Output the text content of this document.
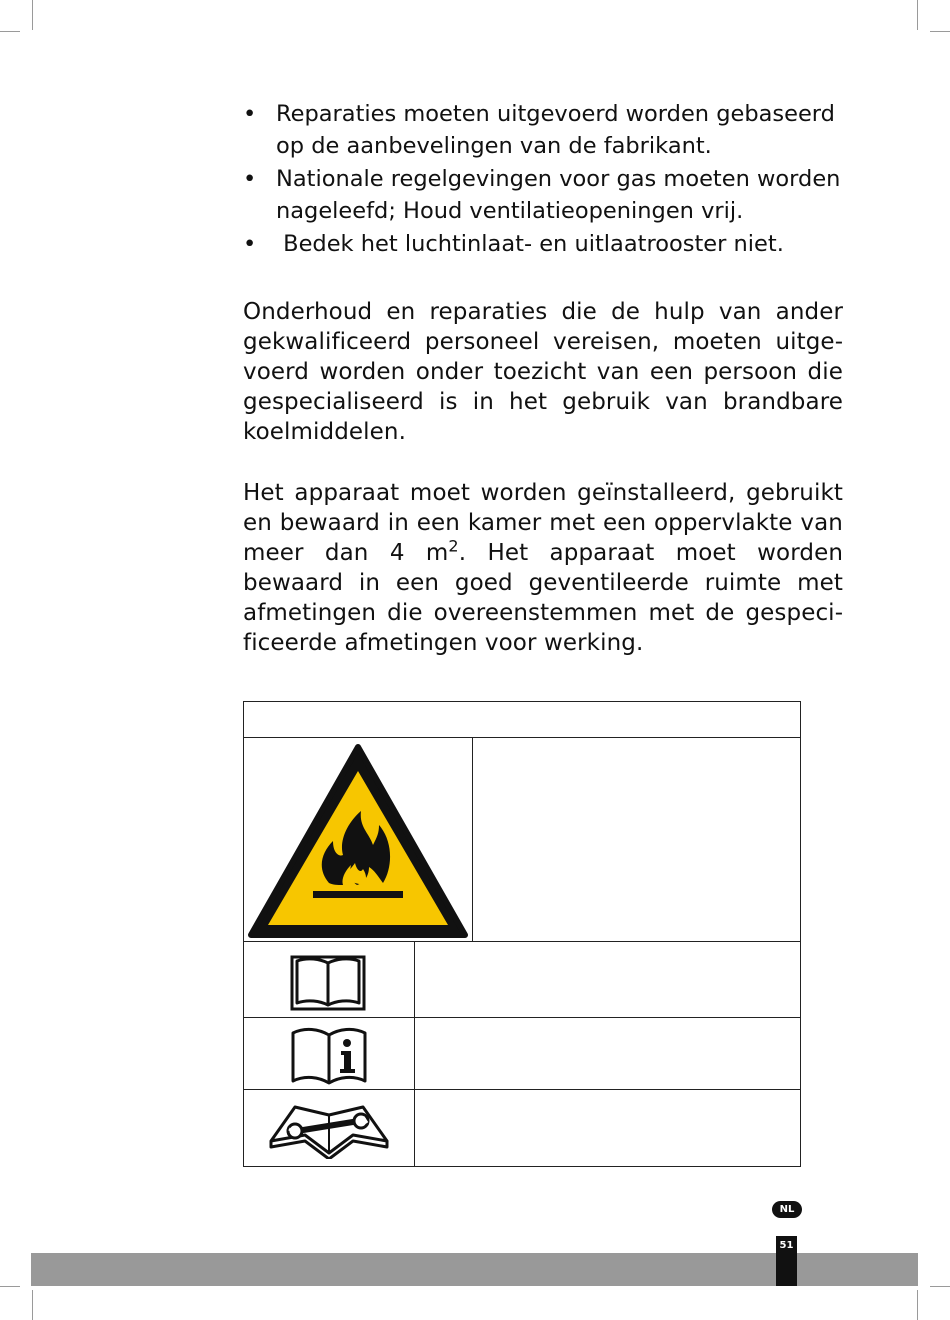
• Reparaties moeten uitgevoerd worden gebaseerd op de aanbevelingen van de fabrikant.
• Nationale regelgevingen voor gas moeten worden nageleefd; Houd ventilatieopeningen vrij.
• Bedek het luchtinlaat- en uitlaatrooster niet.

Onderhoud en reparaties die de hulp van ander gekwalificeerd personeel vereisen, moeten uitgevoerd worden onder toezicht van een persoon die gespecialiseerd is in het gebruik van brandbare koelmiddelen.

Het apparaat moet worden geïnstalleerd, gebruikt en bewaard in een kamer met een oppervlakte van meer dan 4 $m^2$. Het apparaat moet worden bewaard in een goed geventileerde ruimte met afmetingen die overeenstemmen met de gespecificeerde afmetingen voor werking.

NL
51
